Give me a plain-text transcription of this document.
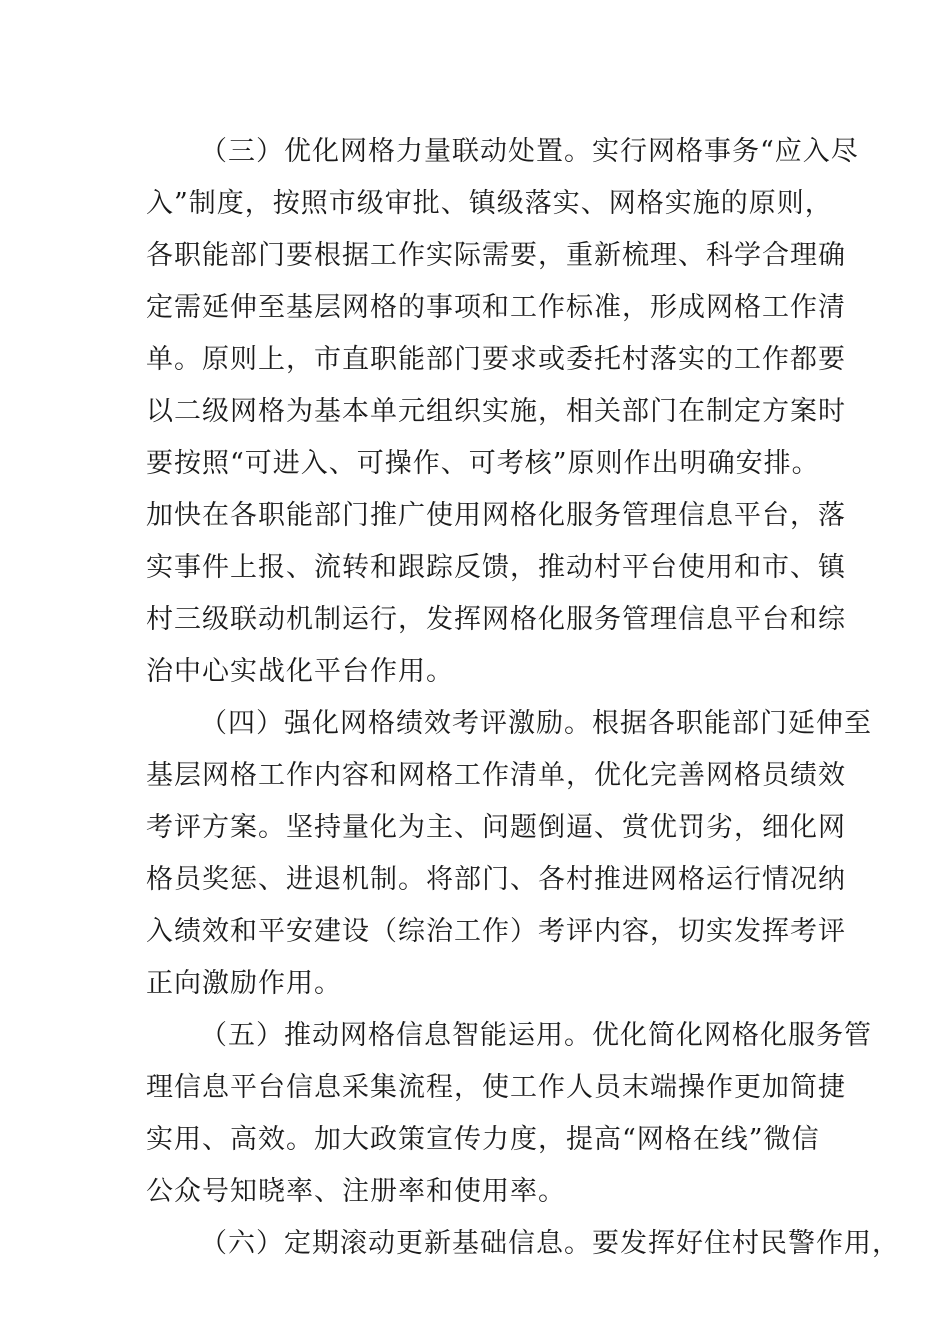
（三）优化网格力量联动处置。实行网格事务“应入尽
入”制度，按照市级审批、镇级落实、网格实施的原则，
各职能部门要根据工作实际需要，重新梳理、科学合理确
定需延伸至基层网格的事项和工作标准，形成网格工作清
单。原则上，市直职能部门要求或委托村落实的工作都要
以二级网格为基本单元组织实施，相关部门在制定方案时
要按照“可进入、可操作、可考核”原则作出明确安排。
加快在各职能部门推广使用网格化服务管理信息平台，落
实事件上报、流转和跟踪反馈，推动村平台使用和市、镇
村三级联动机制运行，发挥网格化服务管理信息平台和综
治中心实战化平台作用。
（四）强化网格绩效考评激励。根据各职能部门延伸至
基层网格工作内容和网格工作清单，优化完善网格员绩效
考评方案。坚持量化为主、问题倒逼、赏优罚劣，细化网
格员奖惩、进退机制。将部门、各村推进网格运行情况纳
入绩效和平安建设（综治工作）考评内容，切实发挥考评
正向激励作用。
（五）推动网格信息智能运用。优化简化网格化服务管
理信息平台信息采集流程，使工作人员末端操作更加简捷
实用、高效。加大政策宣传力度，提高“网格在线”微信
公众号知晓率、注册率和使用率。
（六）定期滚动更新基础信息。要发挥好住村民警作用，
